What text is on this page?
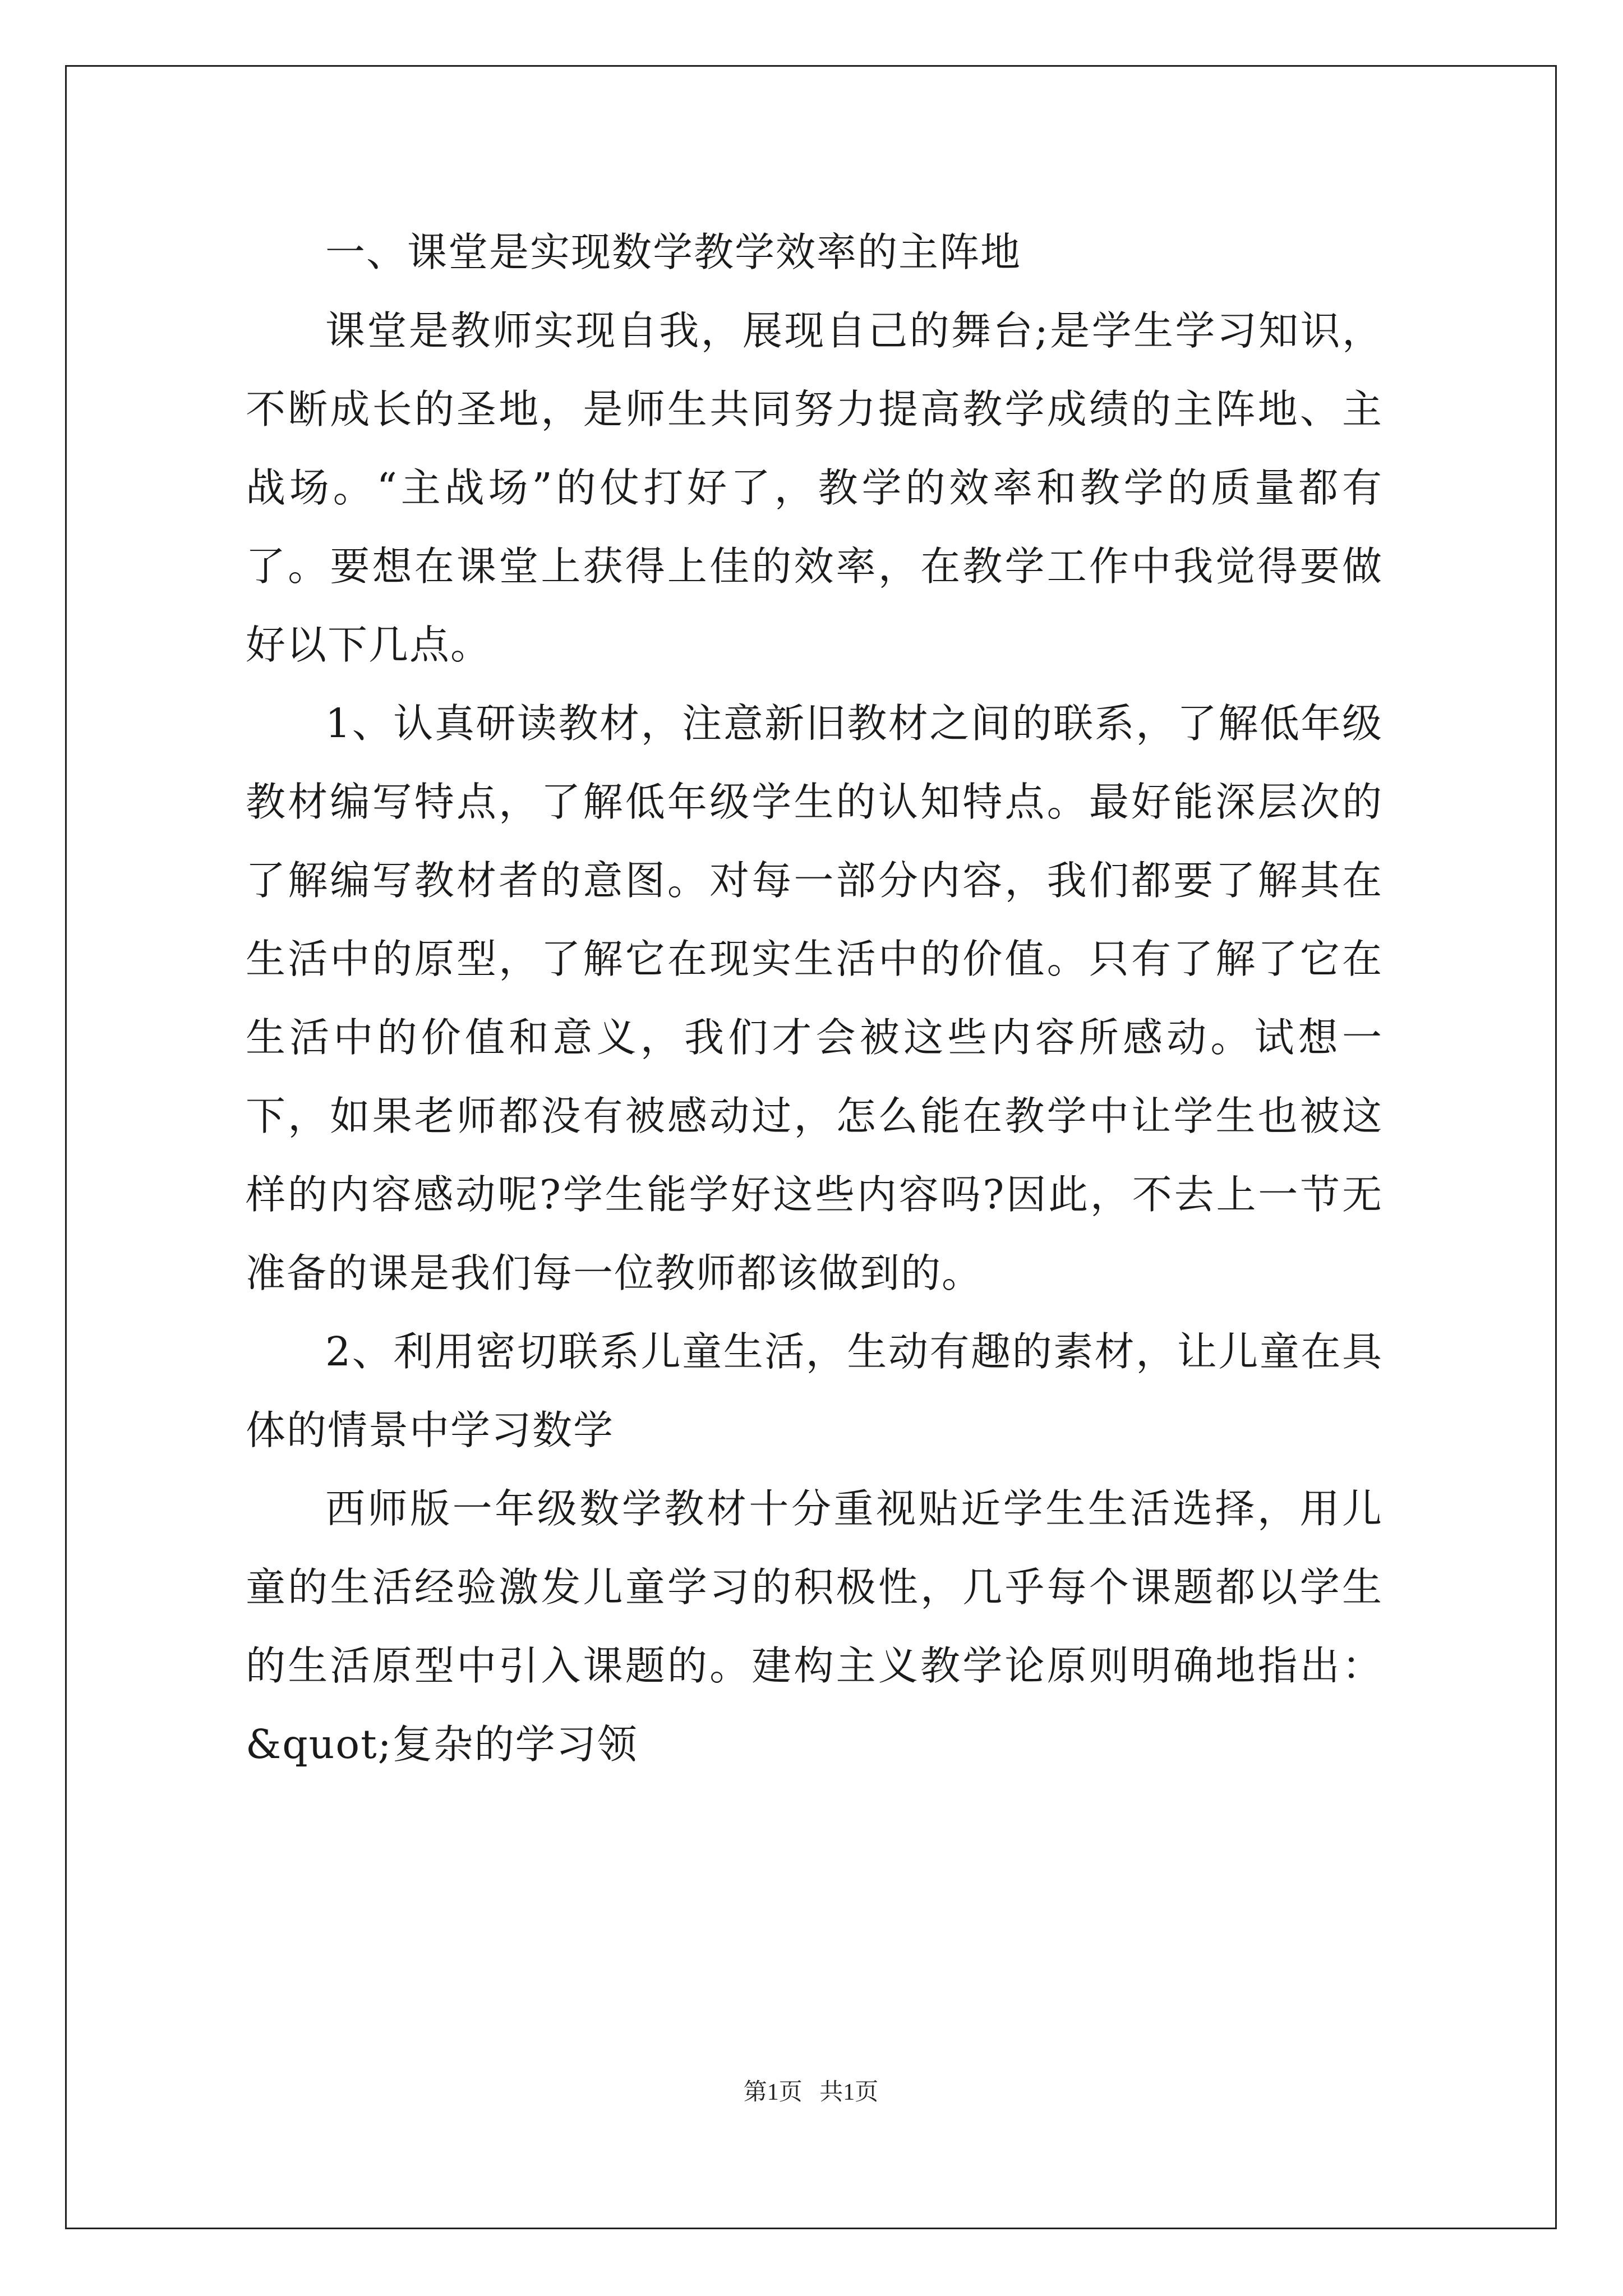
一、课堂是实现数学教学效率的主阵地

课堂是教师实现自我，展现自己的舞台;是学生学习知识，不断成长的圣地，是师生共同努力提高教学成绩的主阵地、主战场。“主战场”的仗打好了，教学的效率和教学的质量都有了。要想在课堂上获得上佳的效率，在教学工作中我觉得要做好以下几点。

1、认真研读教材，注意新旧教材之间的联系，了解低年级教材编写特点，了解低年级学生的认知特点。最好能深层次的了解编写教材者的意图。对每一部分内容，我们都要了解其在生活中的原型，了解它在现实生活中的价值。只有了解了它在生活中的价值和意义，我们才会被这些内容所感动。试想一下，如果老师都没有被感动过，怎么能在教学中让学生也被这样的内容感动呢?学生能学好这些内容吗?因此，不去上一节无准备的课是我们每一位教师都该做到的。

2、利用密切联系儿童生活，生动有趣的素材，让儿童在具体的情景中学习数学

西师版一年级数学教材十分重视贴近学生生活选择，用儿童的生活经验激发儿童学习的积极性，几乎每个课题都以学生的生活原型中引入课题的。建构主义教学论原则明确地指出：&quot;复杂的学习领

第1页 共1页
